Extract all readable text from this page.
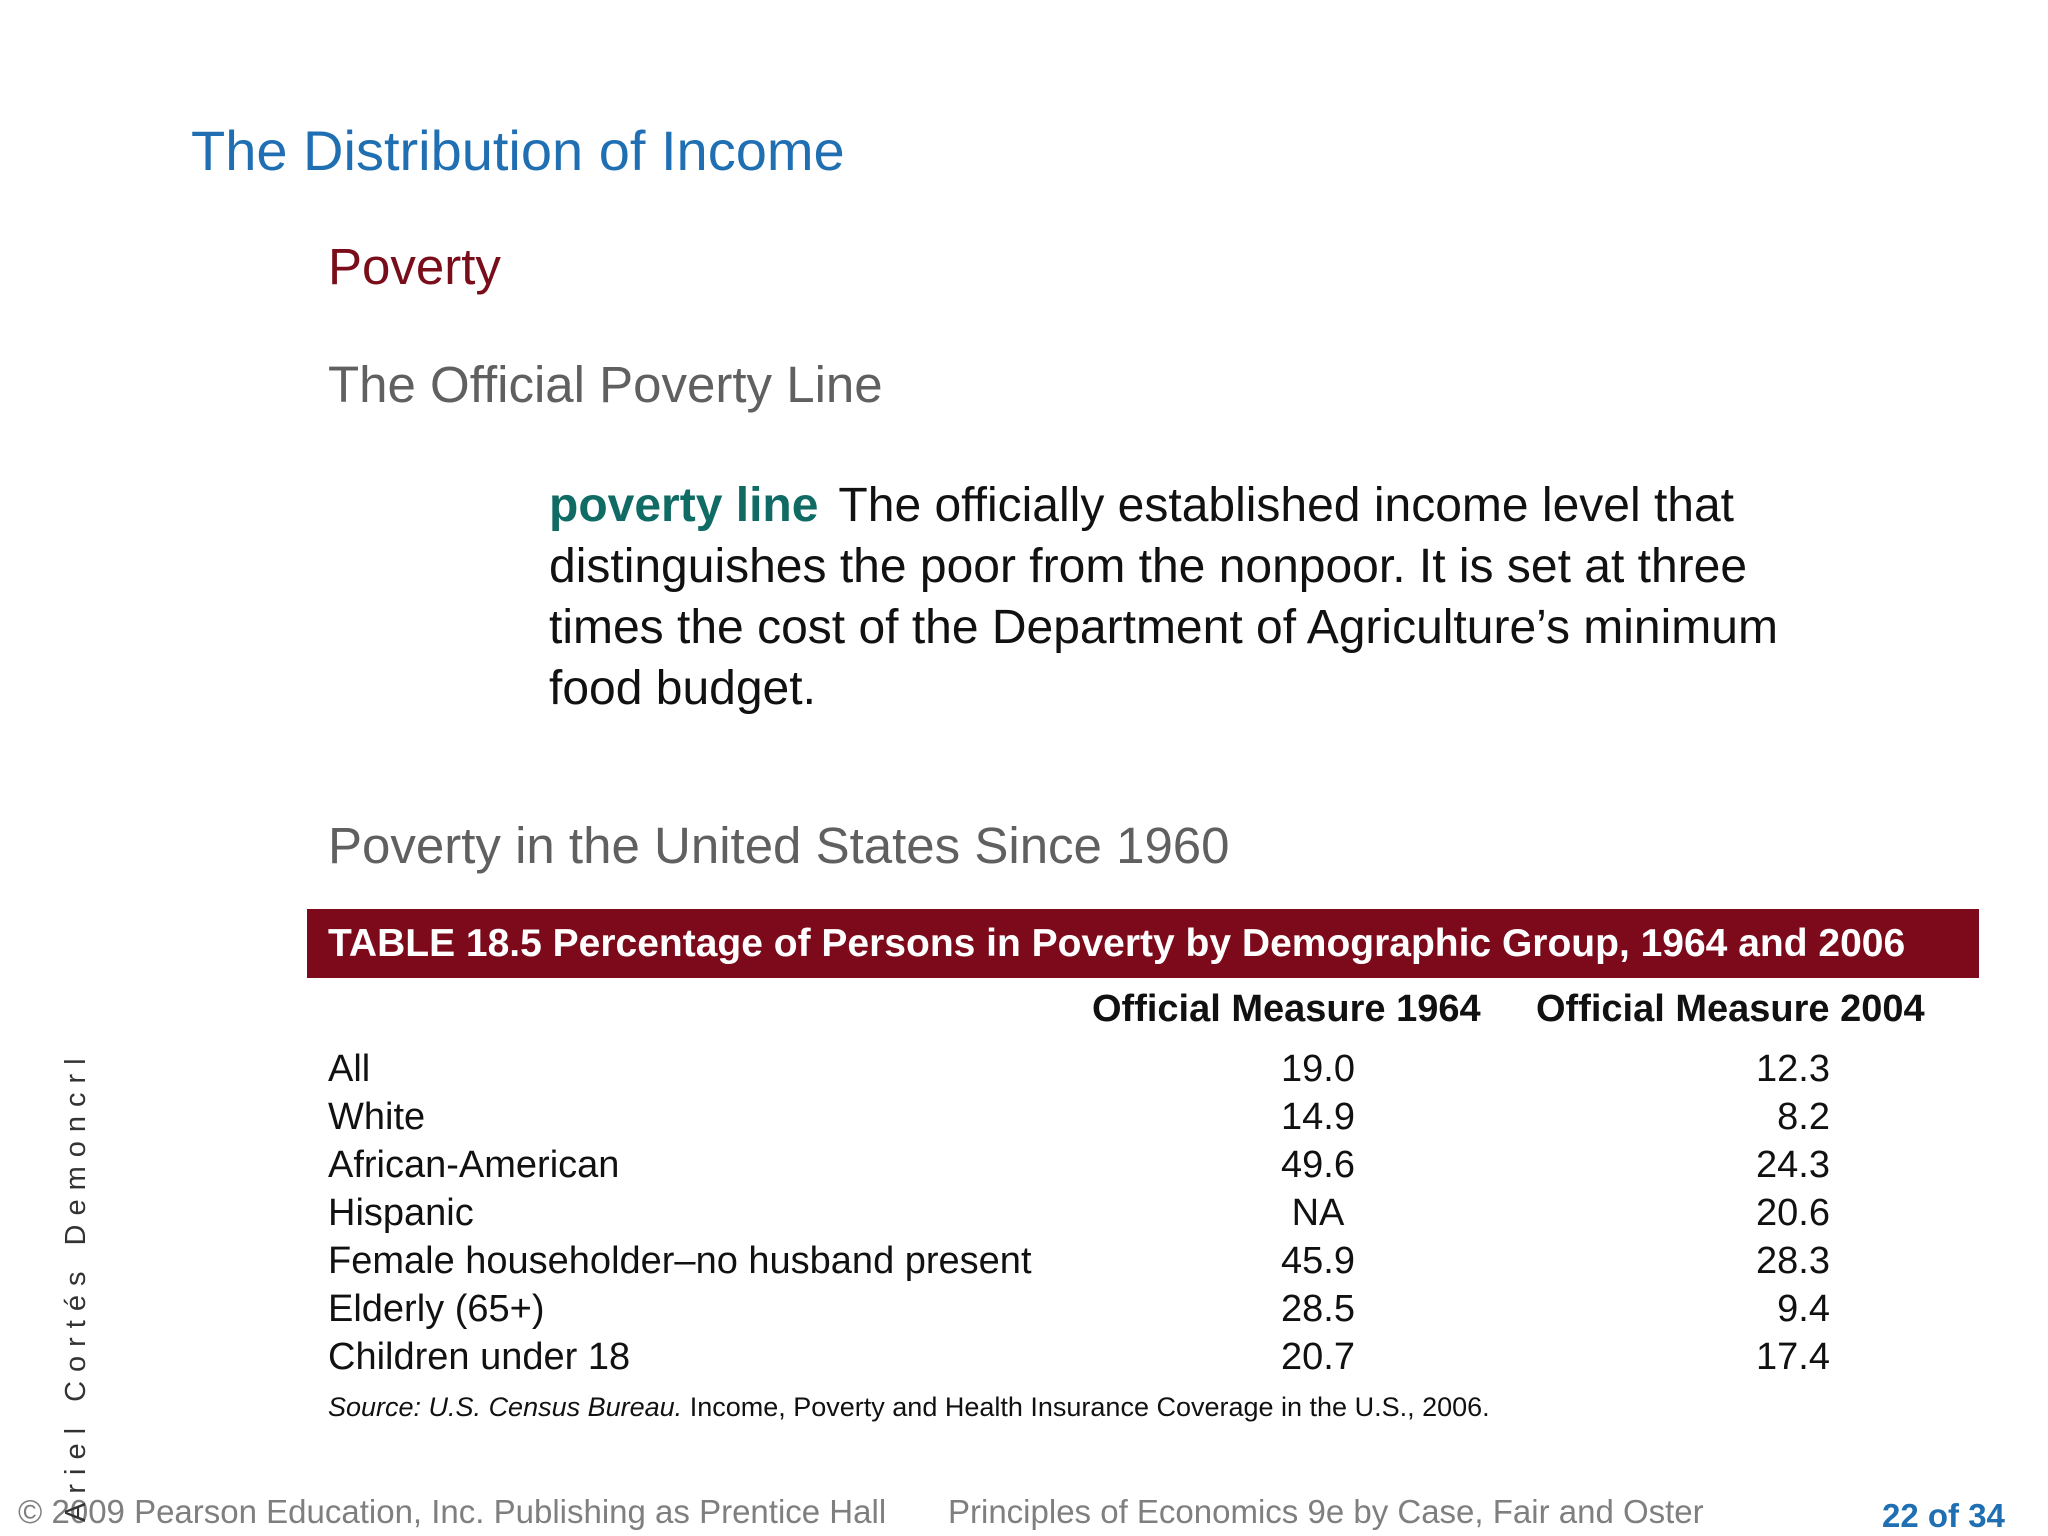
The Distribution of Income
Poverty
The Official Poverty Line
poverty line The officially established income level that distinguishes the poor from the nonpoor. It is set at three times the cost of the Department of Agriculture’s minimum food budget.
Poverty in the United States Since 1960
TABLE 18.5 Percentage of Persons in Poverty by Demographic Group, 1964 and 2006
Official Measure 1964 Official Measure 2004
All	19.0	12.3
White	14.9	8.2
African-American	49.6	24.3
Hispanic	NA	20.6
Female householder–no husband present	45.9	28.3
Elderly (65+)	28.5	9.4
Children under 18	20.7	17.4
Source: U.S. Census Bureau. Income, Poverty and Health Insurance Coverage in the U.S., 2006.
© 2009 Pearson Education, Inc. Publishing as Prentice Hall Principles of Economics 9e by Case, Fair and Oster	22 of 34
Ariel Cortés Demoncrl
